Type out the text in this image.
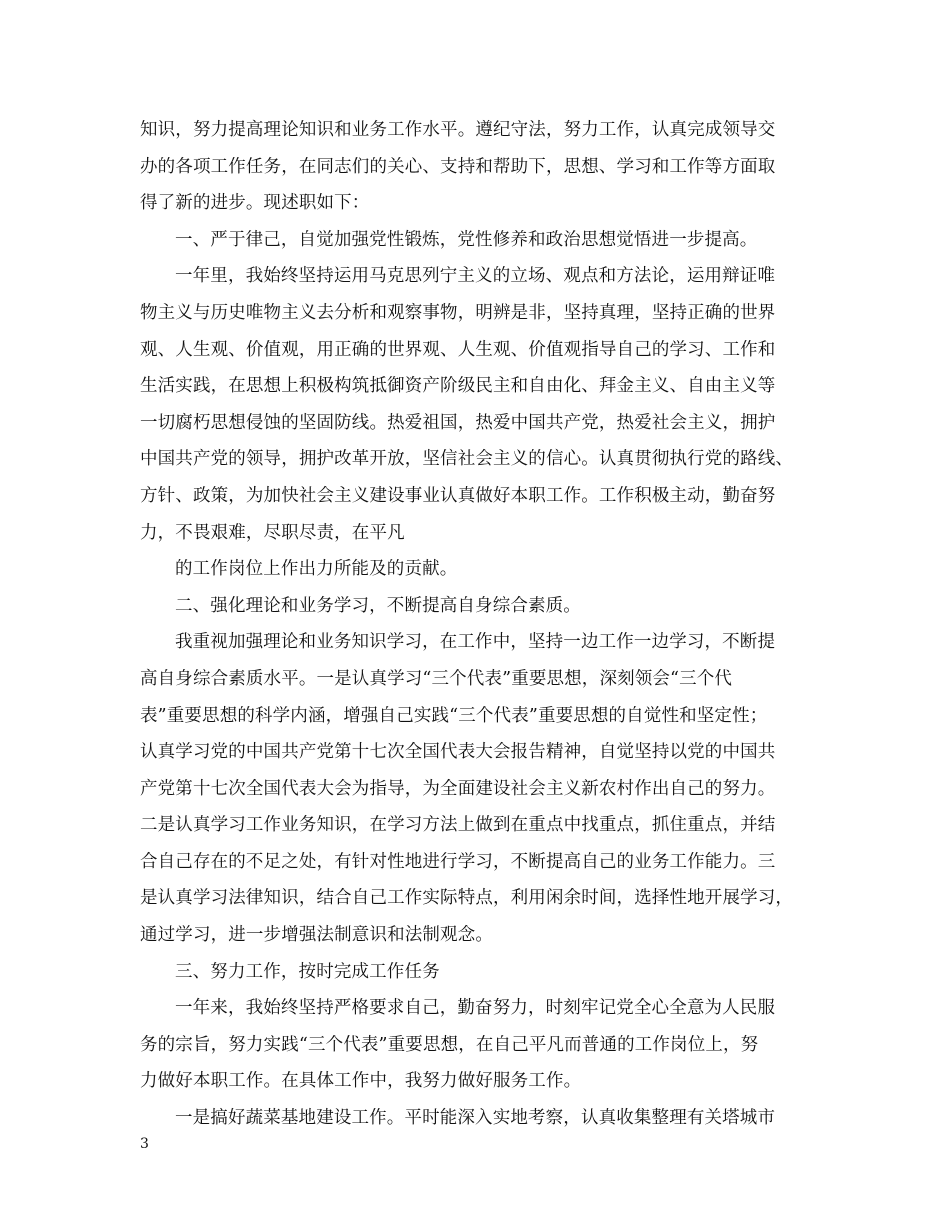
知识，努力提高理论知识和业务工作水平。遵纪守法，努力工作，认真完成领导交
办的各项工作任务，在同志们的关心、支持和帮助下，思想、学习和工作等方面取
得了新的进步。现述职如下：
一、严于律己，自觉加强党性锻炼，党性修养和政治思想觉悟进一步提高。
一年里，我始终坚持运用马克思列宁主义的立场、观点和方法论，运用辩证唯
物主义与历史唯物主义去分析和观察事物，明辨是非，坚持真理，坚持正确的世界
观、人生观、价值观，用正确的世界观、人生观、价值观指导自己的学习、工作和
生活实践，在思想上积极构筑抵御资产阶级民主和自由化、拜金主义、自由主义等
一切腐朽思想侵蚀的坚固防线。热爱祖国，热爱中国共产党，热爱社会主义，拥护
中国共产党的领导，拥护改革开放，坚信社会主义的信心。认真贯彻执行党的路线、
方针、政策，为加快社会主义建设事业认真做好本职工作。工作积极主动，勤奋努
力，不畏艰难，尽职尽责，在平凡
的工作岗位上作出力所能及的贡献。
二、强化理论和业务学习，不断提高自身综合素质。
我重视加强理论和业务知识学习，在工作中，坚持一边工作一边学习，不断提
高自身综合素质水平。一是认真学习“三个代表”重要思想，深刻领会“三个代
表”重要思想的科学内涵，增强自己实践“三个代表”重要思想的自觉性和坚定性；
认真学习党的中国共产党第十七次全国代表大会报告精神，自觉坚持以党的中国共
产党第十七次全国代表大会为指导，为全面建设社会主义新农村作出自己的努力。
二是认真学习工作业务知识，在学习方法上做到在重点中找重点，抓住重点，并结
合自己存在的不足之处，有针对性地进行学习，不断提高自己的业务工作能力。三
是认真学习法律知识，结合自己工作实际特点，利用闲余时间，选择性地开展学习，
通过学习，进一步增强法制意识和法制观念。
三、努力工作，按时完成工作任务
一年来，我始终坚持严格要求自己，勤奋努力，时刻牢记党全心全意为人民服
务的宗旨，努力实践“三个代表”重要思想，在自己平凡而普通的工作岗位上，努
力做好本职工作。在具体工作中，我努力做好服务工作。
一是搞好蔬菜基地建设工作。平时能深入实地考察，认真收集整理有关塔城市
3
